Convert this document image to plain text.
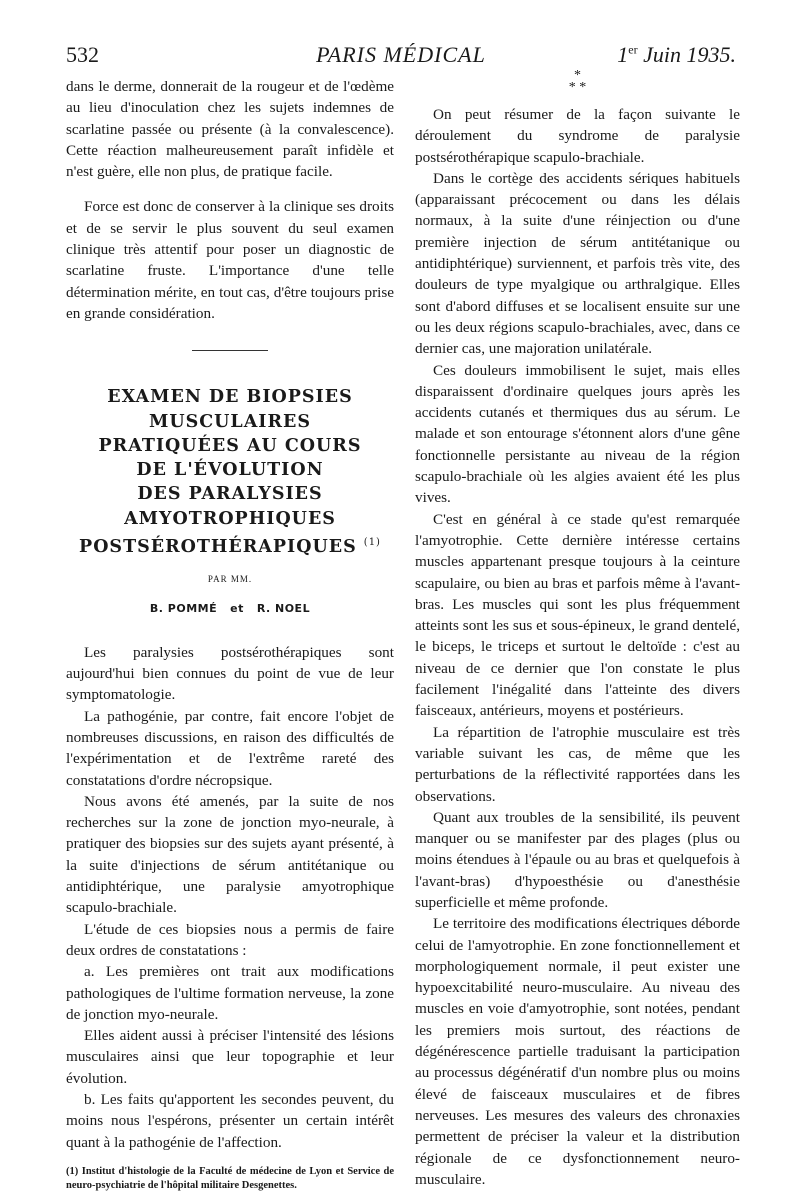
532	PARIS MÉDICAL	1er Juin 1935.

dans le derme, donnerait de la rougeur et de l'œdème au lieu d'inoculation chez les sujets indemnes de scarlatine passée ou présente (à la convalescence). Cette réaction malheureusement paraît infidèle et n'est guère, elle non plus, de pratique facile.

Force est donc de conserver à la clinique ses droits et de se servir le plus souvent du seul examen clinique très attentif pour poser un diagnostic de scarlatine fruste. L'importance d'une telle détermination mérite, en tout cas, d'être toujours prise en grande considération.

EXAMEN DE BIOPSIES
MUSCULAIRES
PRATIQUÉES AU COURS
DE L'ÉVOLUTION
DES PARALYSIES
AMYOTROPHIQUES
POSTSÉROTHÉRAPIQUES $^{(1)}$
PAR MM.
B. POMMÉ   et   R. NOEL

Les paralysies postsérothérapiques sont aujourd'hui bien connues du point de vue de leur symptomatologie.

La pathogénie, par contre, fait encore l'objet de nombreuses discussions, en raison des difficultés de l'expérimentation et de l'extrême rareté des constatations d'ordre nécropsique.

Nous avons été amenés, par la suite de nos recherches sur la zone de jonction myo-neurale, à pratiquer des biopsies sur des sujets ayant présenté, à la suite d'injections de sérum antitétanique ou antidiphtérique, une paralysie amyotrophique scapulo-brachiale.

L'étude de ces biopsies nous a permis de faire deux ordres de constatations :

a. Les premières ont trait aux modifications pathologiques de l'ultime formation nerveuse, la zone de jonction myo-neurale.

Elles aident aussi à préciser l'intensité des lésions musculaires ainsi que leur topographie et leur évolution.

b. Les faits qu'apportent les secondes peuvent, du moins nous l'espérons, présenter un certain intérêt quant à la pathogénie de l'affection.

(1) Institut d'histologie de la Faculté de médecine de Lyon et Service de neuro-psychiatrie de l'hôpital militaire Desgenettes.

*
* *

On peut résumer de la façon suivante le déroulement du syndrome de paralysie postsérothérapique scapulo-brachiale.

Dans le cortège des accidents sériques habituels (apparaissant précocement ou dans les délais normaux, à la suite d'une réinjection ou d'une première injection de sérum antitétanique ou antidiphtérique) surviennent, et parfois très vite, des douleurs de type myalgique ou arthralgique. Elles sont d'abord diffuses et se localisent ensuite sur une ou les deux régions scapulo-brachiales, avec, dans ce dernier cas, une majoration unilatérale.

Ces douleurs immobilisent le sujet, mais elles disparaissent d'ordinaire quelques jours après les accidents cutanés et thermiques dus au sérum. Le malade et son entourage s'étonnent alors d'une gêne fonctionnelle persistante au niveau de la région scapulo-brachiale où les algies avaient été les plus vives.

C'est en général à ce stade qu'est remarquée l'amyotrophie. Cette dernière intéresse certains muscles appartenant presque toujours à la ceinture scapulaire, ou bien au bras et parfois même à l'avant-bras. Les muscles qui sont les plus fréquemment atteints sont les sus et sous-épineux, le grand dentelé, le biceps, le triceps et surtout le deltoïde : c'est au niveau de ce dernier que l'on constate le plus facilement l'inégalité dans l'atteinte des divers faisceaux, antérieurs, moyens et postérieurs.

La répartition de l'atrophie musculaire est très variable suivant les cas, de même que les perturbations de la réflectivité rapportées dans les observations.

Quant aux troubles de la sensibilité, ils peuvent manquer ou se manifester par des plages (plus ou moins étendues à l'épaule ou au bras et quelquefois à l'avant-bras) d'hypoesthésie ou d'anesthésie superficielle et même profonde.

Le territoire des modifications électriques déborde celui de l'amyotrophie. En zone fonctionnellement et morphologiquement normale, il peut exister une hypoexcitabilité neuro-musculaire. Au niveau des muscles en voie d'amyotrophie, sont notées, pendant les premiers mois surtout, des réactions de dégénérescence partielle traduisant la participation au processus dégénératif d'un nombre plus ou moins élevé de faisceaux musculaires et de fibres nerveuses. Les mesures des valeurs des chronaxies permettent de préciser la valeur et la distribution régionale de ce dysfonctionnement neuro-musculaire.
